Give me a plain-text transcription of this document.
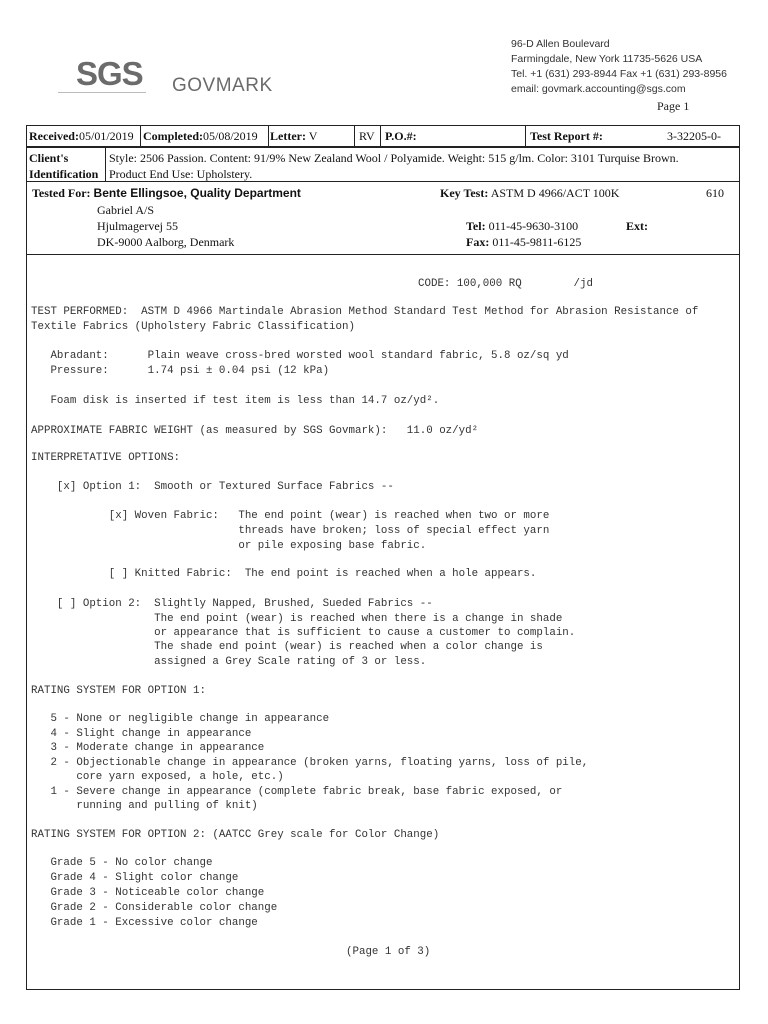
SGS GOVMARK
96-D Allen Boulevard
Farmingdale, New York 11735-5626 USA
Tel. +1 (631) 293-8944 Fax +1 (631) 293-8956
email: govmark.accounting@sgs.com
Page 1
Received:05/01/2019 Completed:05/08/2019 Letter: V	RV P.O.#:	Test Report #:	3-32205-0-
Client's
Identification
Style: 2506 Passion. Content: 91/9% New Zealand Wool / Polyamide. Weight: 515 g/lm. Color: 3101 Turquise Brown.
Product End Use: Upholstery.
Tested For: Bente Ellingsoe, Quality Department
Gabriel A/S
Hjulmagervej 55
DK-9000 Aalborg, Denmark
Key Test: ASTM D 4966/ACT 100K	610
Tel: 011-45-9630-3100	Ext:
Fax: 011-45-9811-6125
CODE: 100,000 RQ        /jd
TEST PERFORMED:  ASTM D 4966 Martindale Abrasion Method Standard Test Method for Abrasion Resistance of
Textile Fabrics (Upholstery Fabric Classification)
Abradant:      Plain weave cross-bred worsted wool standard fabric, 5.8 oz/sq yd
Pressure:      1.74 psi ± 0.04 psi (12 kPa)
Foam disk is inserted if test item is less than 14.7 oz/yd².
APPROXIMATE FABRIC WEIGHT (as measured by SGS Govmark):   11.0 oz/yd²
INTERPRETATIVE OPTIONS:
[x] Option 1:  Smooth or Textured Surface Fabrics --
[x] Woven Fabric:   The end point (wear) is reached when two or more
threads have broken; loss of special effect yarn
or pile exposing base fabric.
[ ] Knitted Fabric:  The end point is reached when a hole appears.
[ ] Option 2:  Slightly Napped, Brushed, Sueded Fabrics --
The end point (wear) is reached when there is a change in shade
or appearance that is sufficient to cause a customer to complain.
The shade end point (wear) is reached when a color change is
assigned a Grey Scale rating of 3 or less.
RATING SYSTEM FOR OPTION 1:
5 - None or negligible change in appearance
4 - Slight change in appearance
3 - Moderate change in appearance
2 - Objectionable change in appearance (broken yarns, floating yarns, loss of pile,
core yarn exposed, a hole, etc.)
1 - Severe change in appearance (complete fabric break, base fabric exposed, or
running and pulling of knit)
RATING SYSTEM FOR OPTION 2: (AATCC Grey scale for Color Change)
Grade 5 - No color change
Grade 4 - Slight color change
Grade 3 - Noticeable color change
Grade 2 - Considerable color change
Grade 1 - Excessive color change
(Page 1 of 3)
